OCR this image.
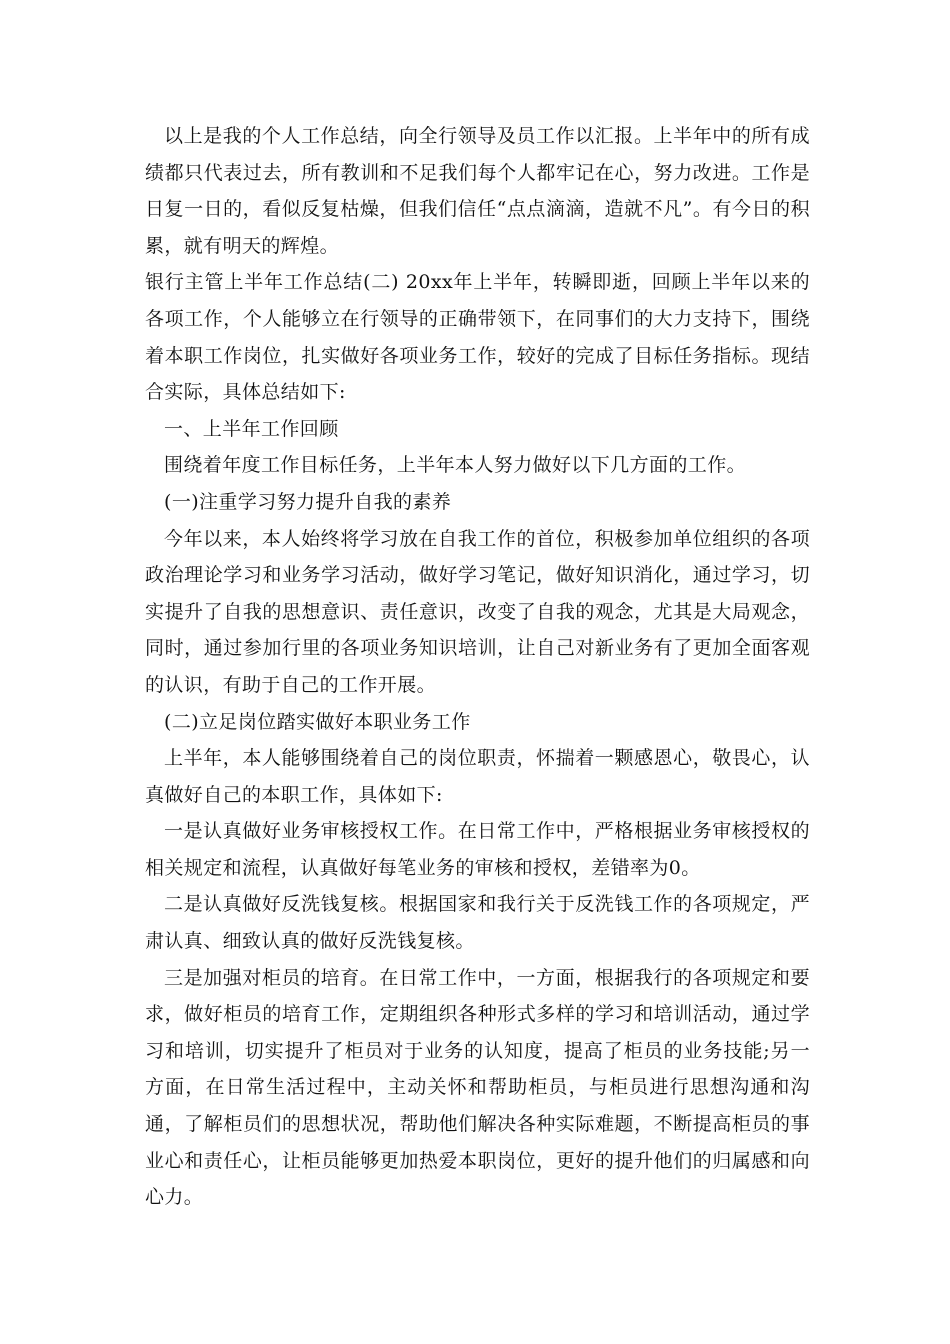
以上是我的个人工作总结，向全行领导及员工作以汇报。上半年中的所有成绩都只代表过去，所有教训和不足我们每个人都牢记在心，努力改进。工作是日复一日的，看似反复枯燥，但我们信任“点点滴滴，造就不凡”。有今日的积累，就有明天的辉煌。

银行主管上半年工作总结(二) 20xx年上半年，转瞬即逝，回顾上半年以来的各项工作，个人能够立在行领导的正确带领下，在同事们的大力支持下，围绕着本职工作岗位，扎实做好各项业务工作，较好的完成了目标任务指标。现结合实际，具体总结如下:

一、上半年工作回顾

围绕着年度工作目标任务，上半年本人努力做好以下几方面的工作。

(一)注重学习努力提升自我的素养

今年以来，本人始终将学习放在自我工作的首位，积极参加单位组织的各项政治理论学习和业务学习活动，做好学习笔记，做好知识消化，通过学习，切实提升了自我的思想意识、责任意识，改变了自我的观念，尤其是大局观念，同时，通过参加行里的各项业务知识培训，让自己对新业务有了更加全面客观的认识，有助于自己的工作开展。

(二)立足岗位踏实做好本职业务工作

上半年，本人能够围绕着自己的岗位职责，怀揣着一颗感恩心，敬畏心，认真做好自己的本职工作，具体如下:

一是认真做好业务审核授权工作。在日常工作中，严格根据业务审核授权的相关规定和流程，认真做好每笔业务的审核和授权，差错率为0。

二是认真做好反洗钱复核。根据国家和我行关于反洗钱工作的各项规定，严肃认真、细致认真的做好反洗钱复核。

三是加强对柜员的培育。在日常工作中，一方面，根据我行的各项规定和要求，做好柜员的培育工作，定期组织各种形式多样的学习和培训活动，通过学习和培训，切实提升了柜员对于业务的认知度，提高了柜员的业务技能;另一方面，在日常生活过程中，主动关怀和帮助柜员，与柜员进行思想沟通和沟通，了解柜员们的思想状况，帮助他们解决各种实际难题，不断提高柜员的事业心和责任心，让柜员能够更加热爱本职岗位，更好的提升他们的归属感和向心力。
